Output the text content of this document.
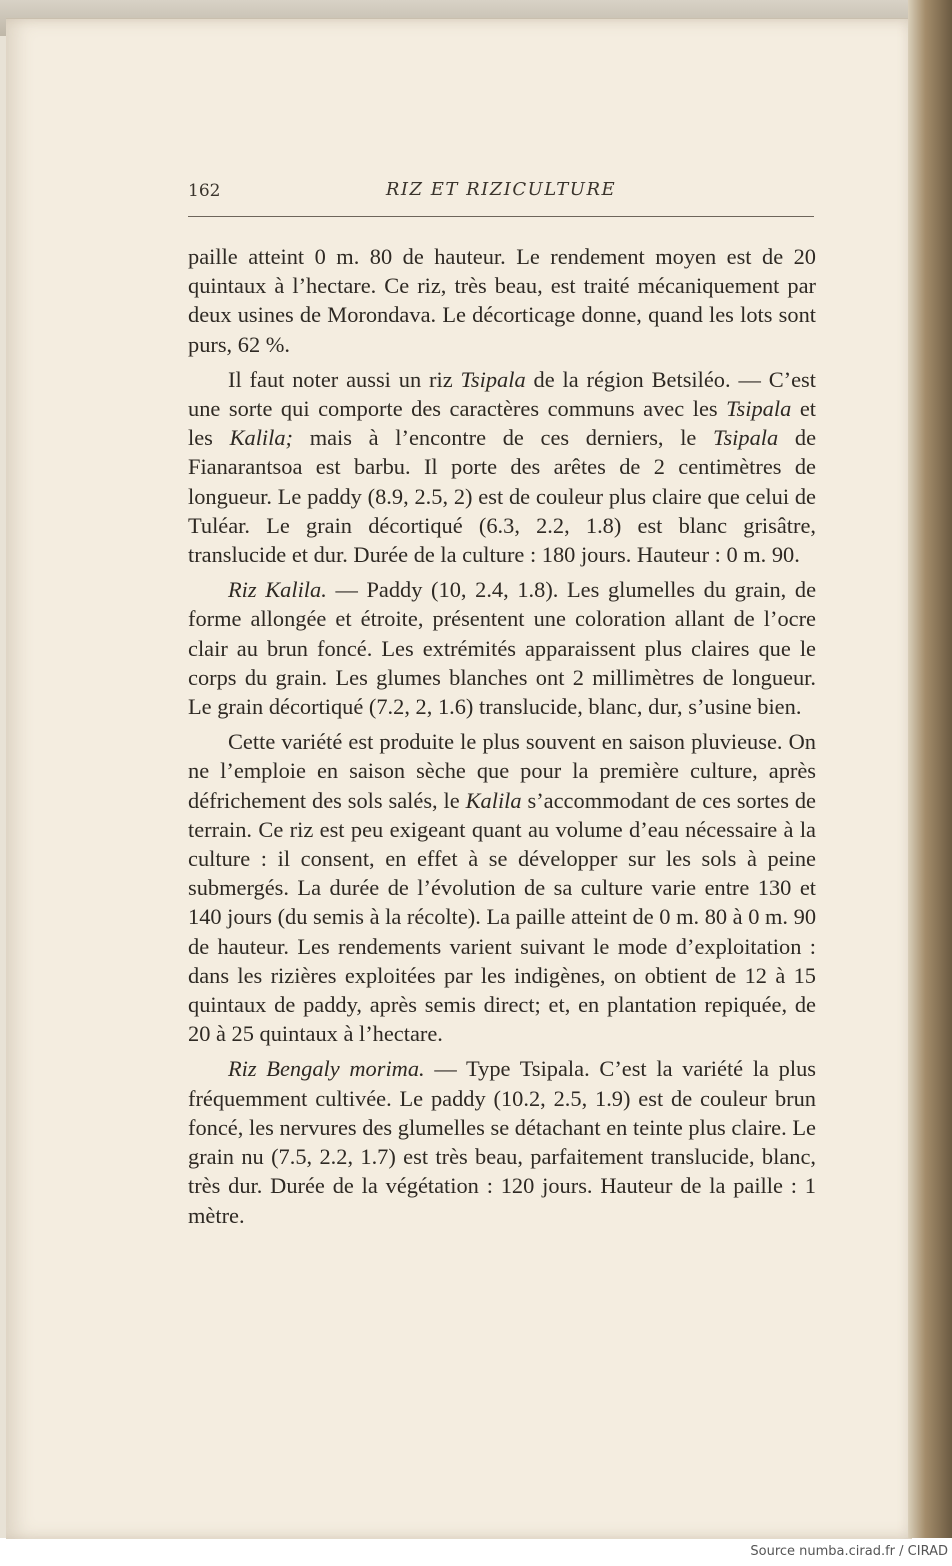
162	RIZ ET RIZICULTURE

paille atteint 0 m. 80 de hauteur. Le rendement moyen est de 20 quintaux à l’hectare. Ce riz, très beau, est traité mécaniquement par deux usines de Morondava. Le décorticage donne, quand les lots sont purs, 62 %.

Il faut noter aussi un riz Tsipala de la région Betsiléo. — C’est une sorte qui comporte des caractères communs avec les Tsipala et les Kalila; mais à l’encontre de ces derniers, le Tsipala de Fianarantsoa est barbu. Il porte des arêtes de 2 centimètres de longueur. Le paddy (8.9, 2.5, 2) est de couleur plus claire que celui de Tuléar. Le grain décortiqué (6.3, 2.2, 1.8) est blanc grisâtre, translucide et dur. Durée de la culture : 180 jours. Hauteur : 0 m. 90.

Riz Kalila. — Paddy (10, 2.4, 1.8). Les glumelles du grain, de forme allongée et étroite, présentent une coloration allant de l’ocre clair au brun foncé. Les extrémités apparaissent plus claires que le corps du grain. Les glumes blanches ont 2 millimètres de longueur. Le grain décortiqué (7.2, 2, 1.6) translucide, blanc, dur, s’usine bien.

Cette variété est produite le plus souvent en saison pluvieuse. On ne l’emploie en saison sèche que pour la première culture, après défrichement des sols salés, le Kalila s’accommodant de ces sortes de terrain. Ce riz est peu exigeant quant au volume d’eau nécessaire à la culture : il consent, en effet à se développer sur les sols à peine submergés. La durée de l’évolution de sa culture varie entre 130 et 140 jours (du semis à la récolte). La paille atteint de 0 m. 80 à 0 m. 90 de hauteur. Les rendements varient suivant le mode d’exploitation : dans les rizières exploitées par les indigènes, on obtient de 12 à 15 quintaux de paddy, après semis direct; et, en plantation repiquée, de 20 à 25 quintaux à l’hectare.

Riz Bengaly morima. — Type Tsipala. C’est la variété la plus fréquemment cultivée. Le paddy (10.2, 2.5, 1.9) est de couleur brun foncé, les nervures des glumelles se détachant en teinte plus claire. Le grain nu (7.5, 2.2, 1.7) est très beau, parfaitement translucide, blanc, très dur. Durée de la végétation : 120 jours. Hauteur de la paille : 1 mètre.

Source numba.cirad.fr / CIRAD
